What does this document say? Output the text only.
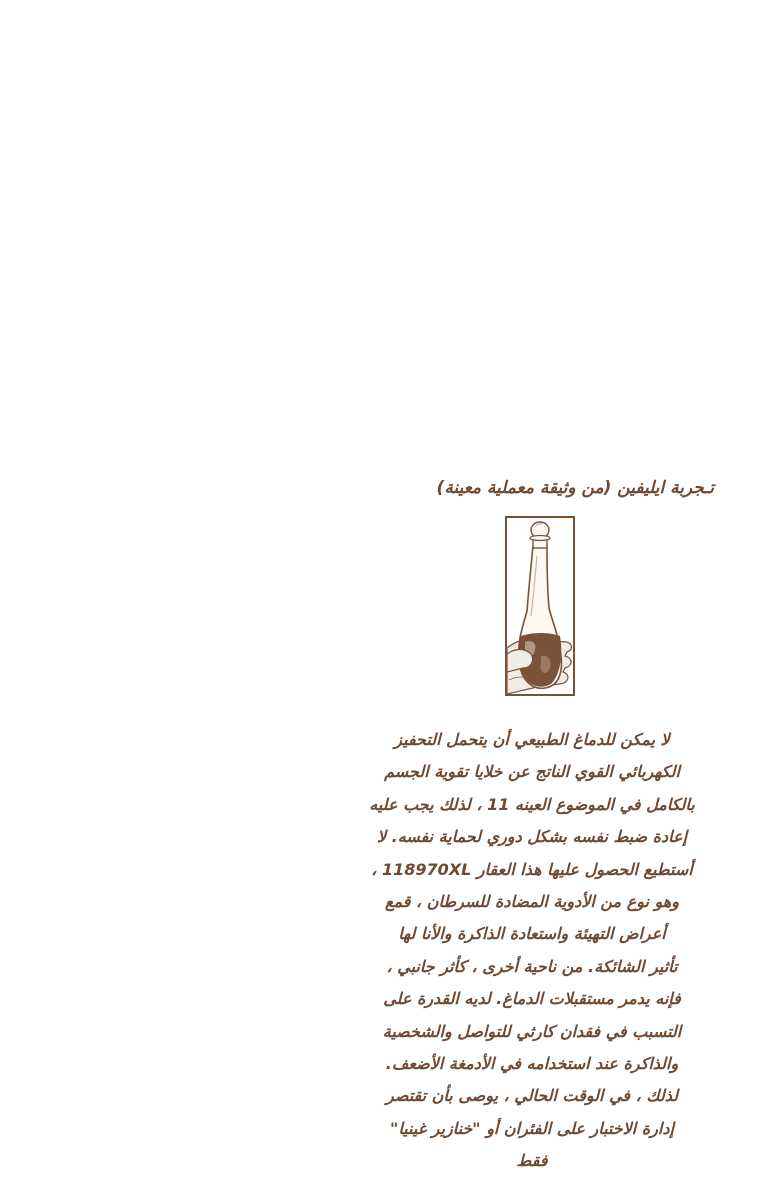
تـجربة ايليفين (من وثيقة معملية معينة)
لا يمكن للدماغ الطبيعي أن يتحمل التحفيز
الكهربائي القوي الناتج عن خلايا تقوية الجسم
بالكامل في الموضوع العينه 11 ، لذلك يجب عليه
إعادة ضبط نفسه بشكل دوري لحماية نفسه. لا
أستطيع الحصول عليها هذا العقار 118970XL ،
وهو نوع من الأدوية المضادة للسرطان ، قمع
أعراض التهيئة واستعادة الذاكرة والأنا لها
تأثير الشائكة. من ناحية أخرى ، كأثر جانبي ،
فإنه يدمر مستقبلات الدماغ. لديه القدرة على
التسبب في فقدان كارثي للتواصل والشخصية
والذاكرة عند استخدامه في الأدمغة الأضعف.
لذلك ، في الوقت الحالي ، يوصى بأن تقتصر
إدارة الاختبار على الفئران أو "خنازير غينيا"
فقط
